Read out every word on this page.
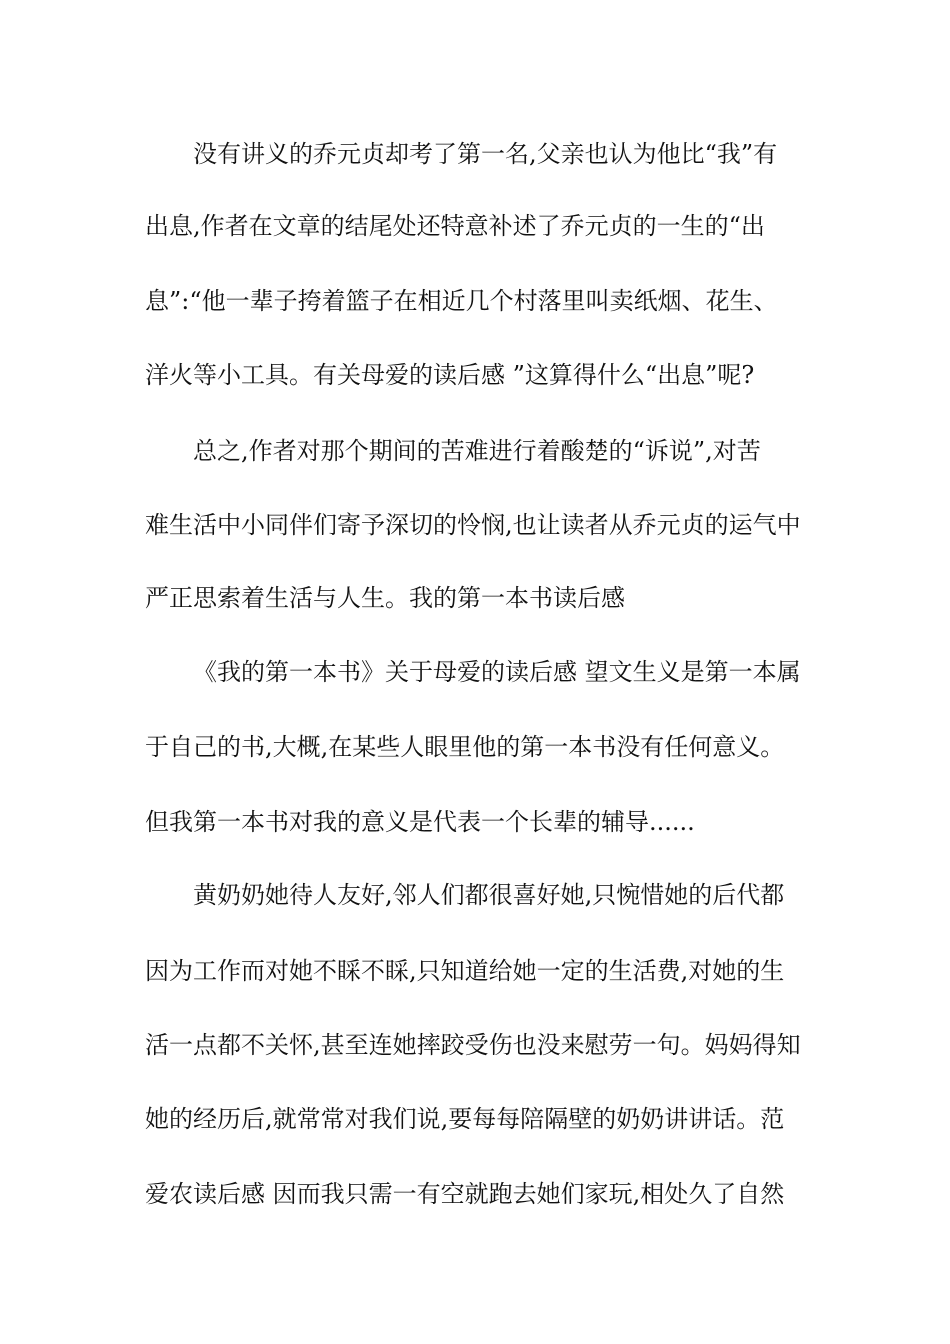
没有讲义的乔元贞却考了第一名,父亲也认为他比“我”有
出息,作者在文章的结尾处还特意补述了乔元贞的一生的“出
息”:“他一辈子挎着篮子在相近几个村落里叫卖纸烟、花生、
洋火等小工具。有关母爱的读后感 ”这算得什么“出息”呢?
总之,作者对那个期间的苦难进行着酸楚的“诉说”,对苦
难生活中小同伴们寄予深切的怜悯,也让读者从乔元贞的运气中
严正思索着生活与人生。我的第一本书读后感
《我的第一本书》关于母爱的读后感 望文生义是第一本属
于自己的书,大概,在某些人眼里他的第一本书没有任何意义。
但我第一本书对我的意义是代表一个长辈的辅导......
黄奶奶她待人友好,邻人们都很喜好她,只惋惜她的后代都
因为工作而对她不睬不睬,只知道给她一定的生活费,对她的生
活一点都不关怀,甚至连她摔跤受伤也没来慰劳一句。妈妈得知
她的经历后,就常常对我们说,要每每陪隔壁的奶奶讲讲话。范
爱农读后感 因而我只需一有空就跑去她们家玩,相处久了自然
